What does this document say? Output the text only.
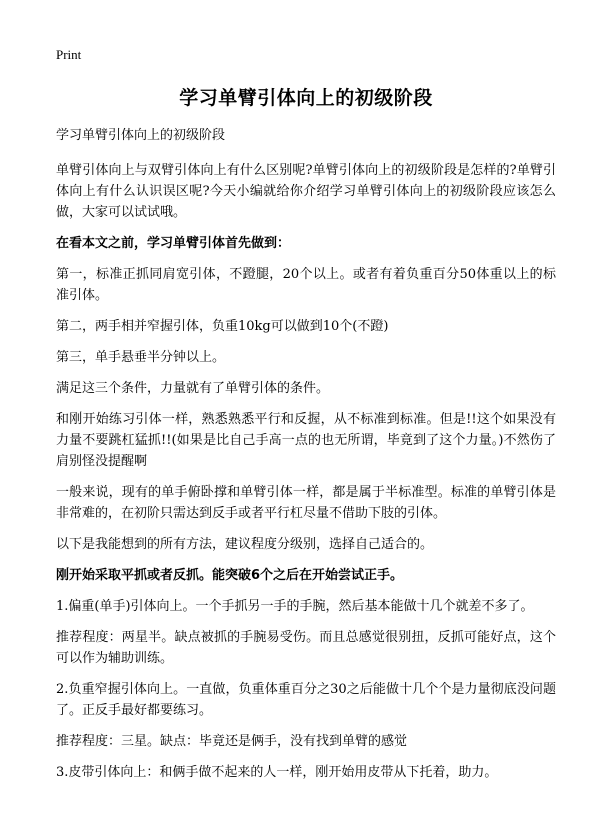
Print
学习单臂引体向上的初级阶段
学习单臂引体向上的初级阶段
单臂引体向上与双臂引体向上有什么区别呢?单臂引体向上的初级阶段是怎样的?单臂引体向上有什么认识误区呢?今天小编就给你介绍学习单臂引体向上的初级阶段应该怎么做，大家可以试试哦。
在看本文之前，学习单臂引体首先做到：
第一，标准正抓同肩宽引体，不蹬腿，20个以上。或者有着负重百分50体重以上的标准引体。
第二，两手相并窄握引体，负重10kg可以做到10个(不蹬)
第三，单手悬垂半分钟以上。
满足这三个条件，力量就有了单臂引体的条件。
和刚开始练习引体一样，熟悉熟悉平行和反握，从不标准到标准。但是!!这个如果没有力量不要跳杠猛抓!!(如果是比自己手高一点的也无所谓，毕竟到了这个力量。)不然伤了肩别怪没提醒啊
一般来说，现有的单手俯卧撑和单臂引体一样，都是属于半标准型。标准的单臂引体是非常难的，在初阶只需达到反手或者平行杠尽量不借助下肢的引体。
以下是我能想到的所有方法，建议程度分级别，选择自己适合的。
刚开始采取平抓或者反抓。能突破6个之后在开始尝试正手。
1.偏重(单手)引体向上。一个手抓另一手的手腕，然后基本能做十几个就差不多了。
推荐程度：两星半。缺点被抓的手腕易受伤。而且总感觉很别扭，反抓可能好点，这个可以作为辅助训练。
2.负重窄握引体向上。一直做，负重体重百分之30之后能做十几个个是力量彻底没问题了。正反手最好都要练习。
推荐程度：三星。缺点：毕竟还是俩手，没有找到单臂的感觉
3.皮带引体向上：和俩手做不起来的人一样，刚开始用皮带从下托着，助力。
